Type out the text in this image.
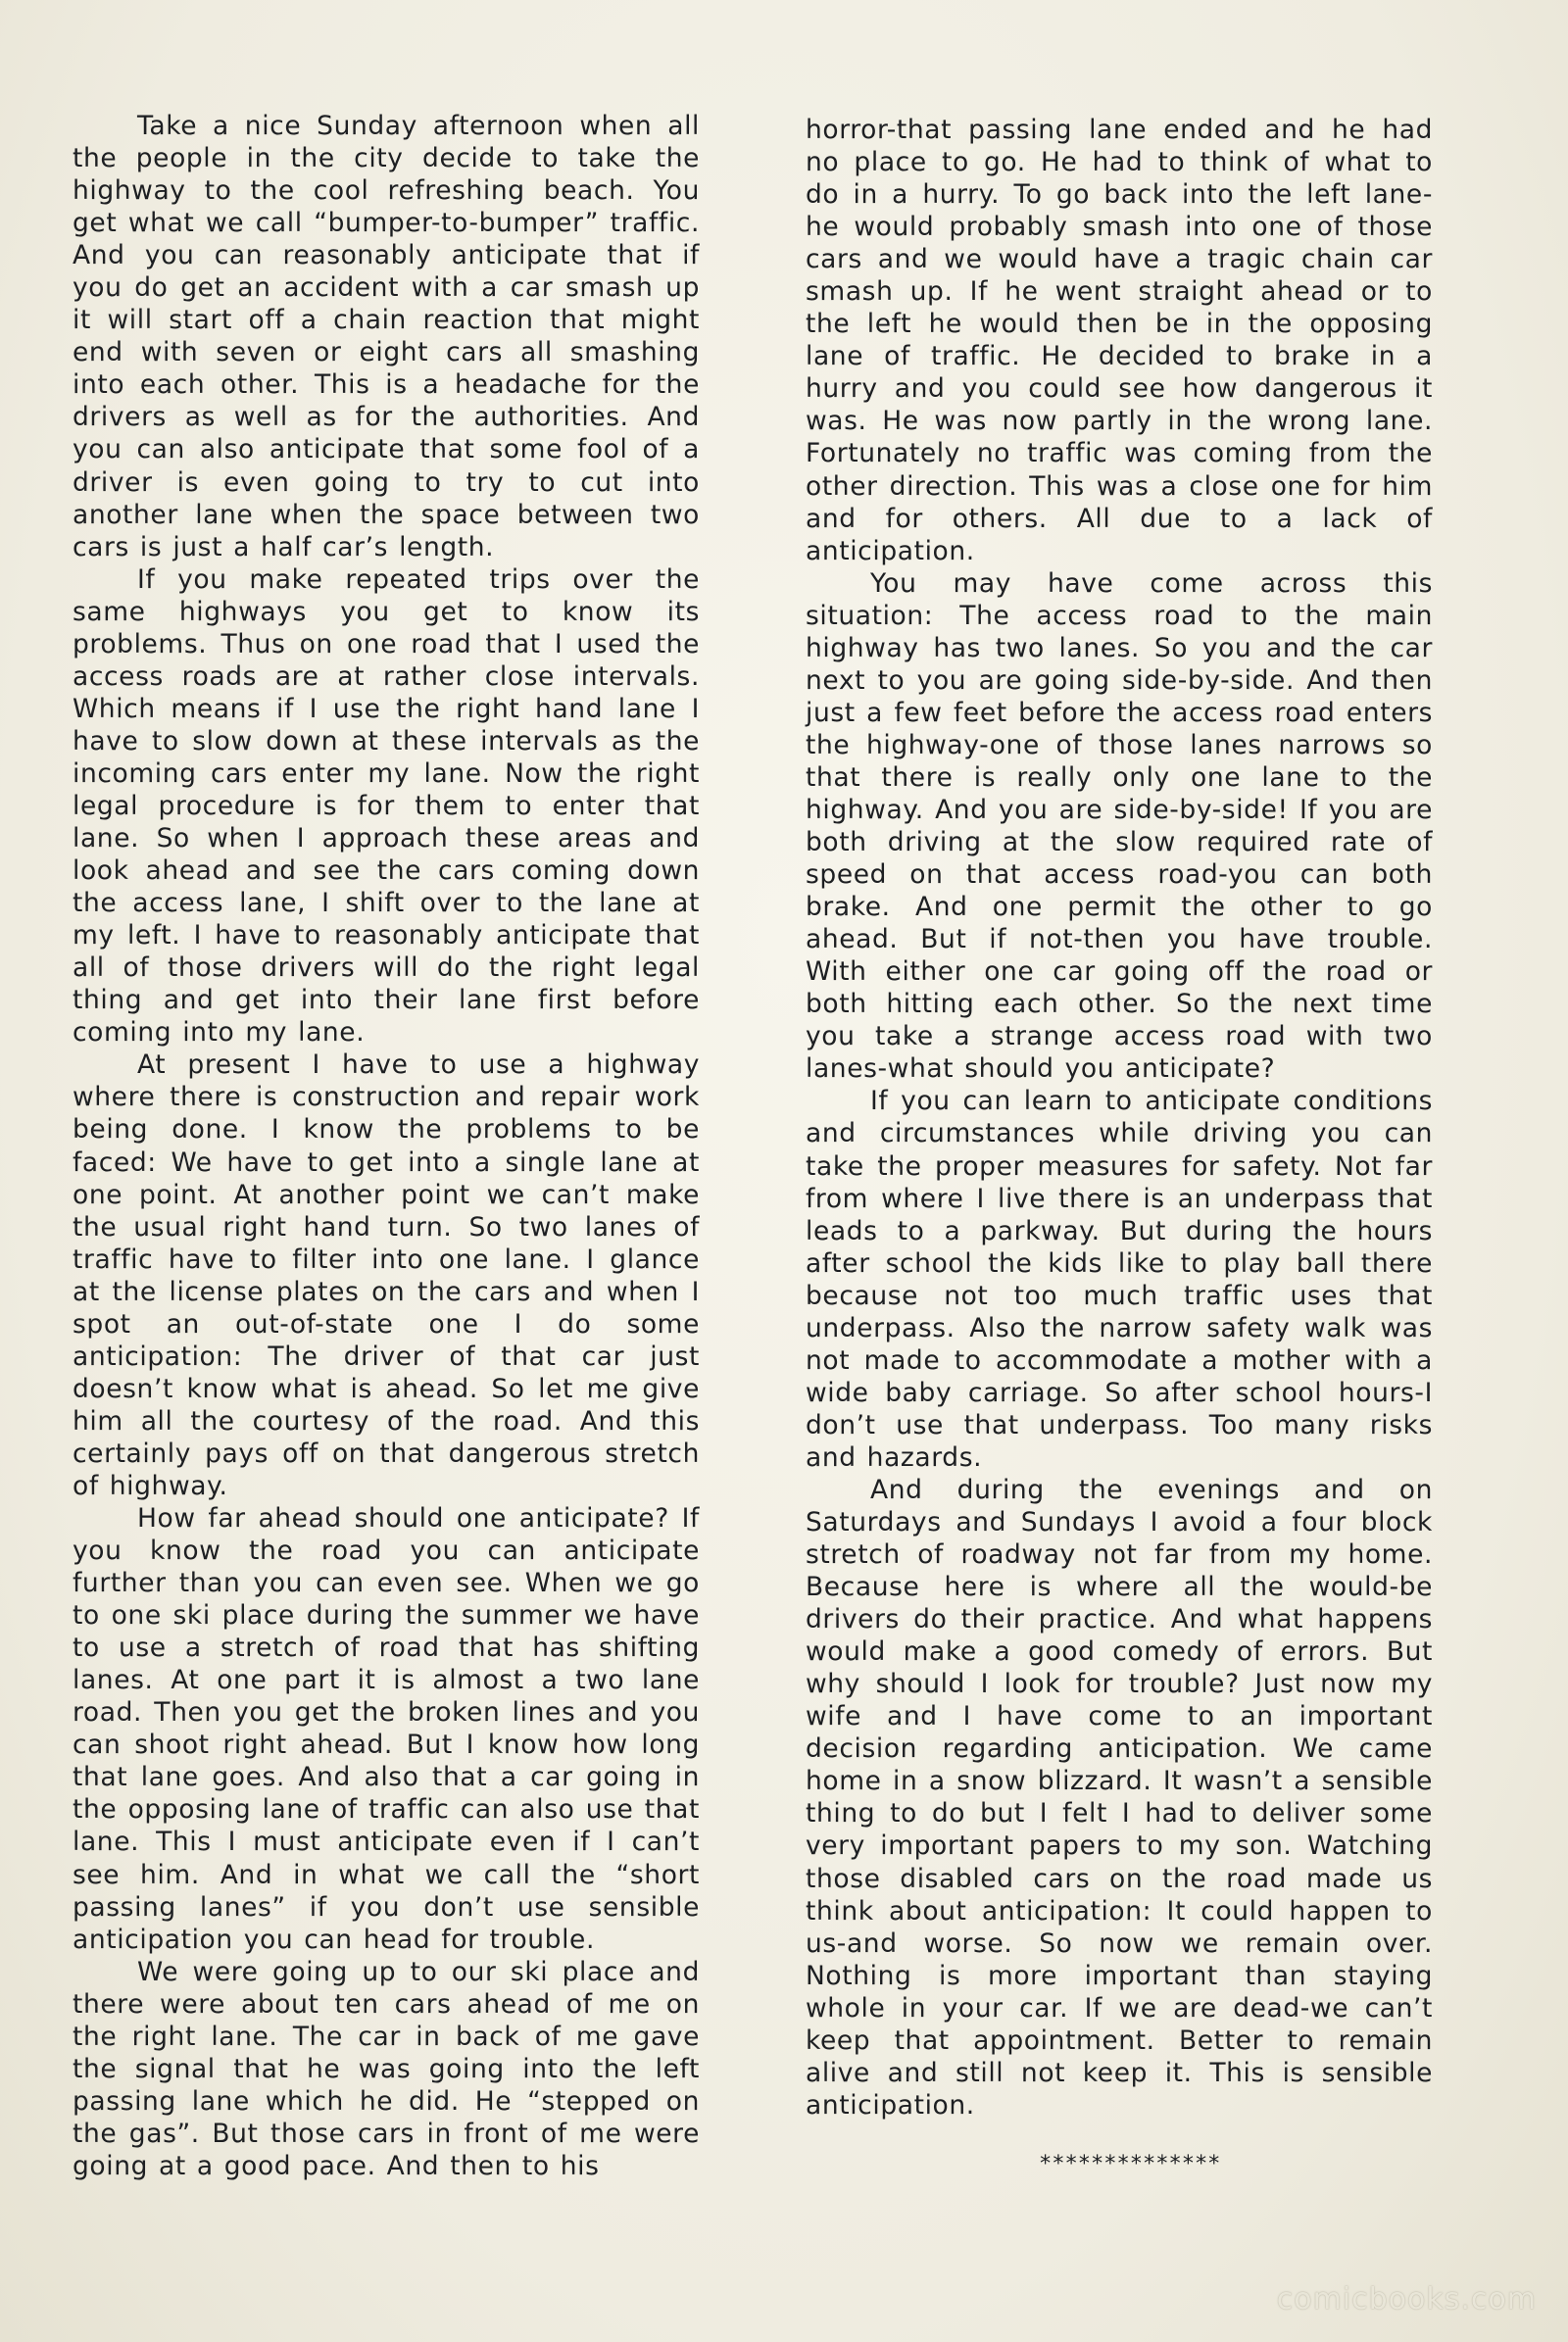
Take a nice Sunday afternoon when all the people in the city decide to take the highway to the cool refreshing beach. You get what we call “bumper-to-bumper” traffic. And you can reasonably anticipate that if you do get an accident with a car smash up it will start off a chain reaction that might end with seven or eight cars all smashing into each other. This is a headache for the drivers as well as for the authorities. And you can also anticipate that some fool of a driver is even going to try to cut into another lane when the space between two cars is just a half car’s length.

If you make repeated trips over the same highways you get to know its problems. Thus on one road that I used the access roads are at rather close intervals. Which means if I use the right hand lane I have to slow down at these intervals as the incoming cars enter my lane. Now the right legal procedure is for them to enter that lane. So when I approach these areas and look ahead and see the cars coming down the access lane, I shift over to the lane at my left. I have to reasonably anticipate that all of those drivers will do the right legal thing and get into their lane first before coming into my lane.

At present I have to use a highway where there is construction and repair work being done. I know the problems to be faced: We have to get into a single lane at one point. At another point we can’t make the usual right hand turn. So two lanes of traffic have to filter into one lane. I glance at the license plates on the cars and when I spot an out-of-state one I do some anticipation: The driver of that car just doesn’t know what is ahead. So let me give him all the courtesy of the road. And this certainly pays off on that dangerous stretch of highway.

How far ahead should one anticipate? If you know the road you can anticipate further than you can even see. When we go to one ski place during the summer we have to use a stretch of road that has shifting lanes. At one part it is almost a two lane road. Then you get the broken lines and you can shoot right ahead. But I know how long that lane goes. And also that a car going in the opposing lane of traffic can also use that lane. This I must anticipate even if I can’t see him. And in what we call the “short passing lanes” if you don’t use sensible anticipation you can head for trouble.

We were going up to our ski place and there were about ten cars ahead of me on the right lane. The car in back of me gave the signal that he was going into the left passing lane which he did. He “stepped on the gas”. But those cars in front of me were going at a good pace. And then to his

horror-that passing lane ended and he had no place to go. He had to think of what to do in a hurry. To go back into the left lane-he would probably smash into one of those cars and we would have a tragic chain car smash up. If he went straight ahead or to the left he would then be in the opposing lane of traffic. He decided to brake in a hurry and you could see how dangerous it was. He was now partly in the wrong lane. Fortunately no traffic was coming from the other direction. This was a close one for him and for others. All due to a lack of anticipation.

You may have come across this situation: The access road to the main highway has two lanes. So you and the car next to you are going side-by-side. And then just a few feet before the access road enters the highway-one of those lanes narrows so that there is really only one lane to the highway. And you are side-by-side! If you are both driving at the slow required rate of speed on that access road-you can both brake. And one permit the other to go ahead. But if not-then you have trouble. With either one car going off the road or both hitting each other. So the next time you take a strange access road with two lanes-what should you anticipate?

If you can learn to anticipate conditions and circumstances while driving you can take the proper measures for safety. Not far from where I live there is an underpass that leads to a parkway. But during the hours after school the kids like to play ball there because not too much traffic uses that underpass. Also the narrow safety walk was not made to accommodate a mother with a wide baby carriage. So after school hours-I don’t use that underpass. Too many risks and hazards.

And during the evenings and on Saturdays and Sundays I avoid a four block stretch of roadway not far from my home. Because here is where all the would-be drivers do their practice. And what happens would make a good comedy of errors. But why should I look for trouble? Just now my wife and I have come to an important decision regarding anticipation. We came home in a snow blizzard. It wasn’t a sensible thing to do but I felt I had to deliver some very important papers to my son. Watching those disabled cars on the road made us think about anticipation: It could happen to us-and worse. So now we remain over. Nothing is more important than staying whole in your car. If we are dead-we can’t keep that appointment. Better to remain alive and still not keep it. This is sensible anticipation.

**************
comicbooks.com
